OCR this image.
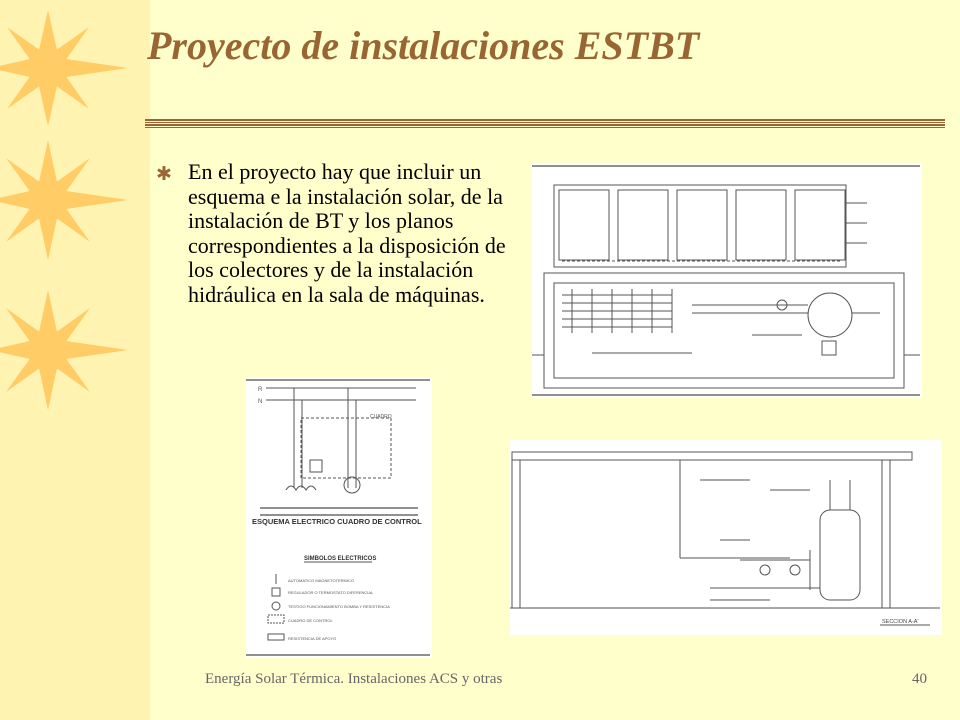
Proyecto de instalaciones ESTBT
✱ En el proyecto hay que incluir un esquema e la instalación solar, de la instalación de BT y los planos correspondientes a la disposición de los colectores y de la instalación hidráulica en la sala de máquinas.
R
N
CUADRO
ESQUEMA ELECTRICO CUADRO DE CONTROL
SIMBOLOS ELECTRICOS
AUTOMATICO MAGNETOTERMICO
REGULADOR O TERMOSTATO DIFERENCIAL
TESTIGO FUNCIONAMIENTO BOMBA Y RESISTENCIA
CUADRO DE CONTROL
RESISTENCIA DE APOYO
SECCION A-A'
Energía Solar Térmica. Instalaciones ACS y otras	40
